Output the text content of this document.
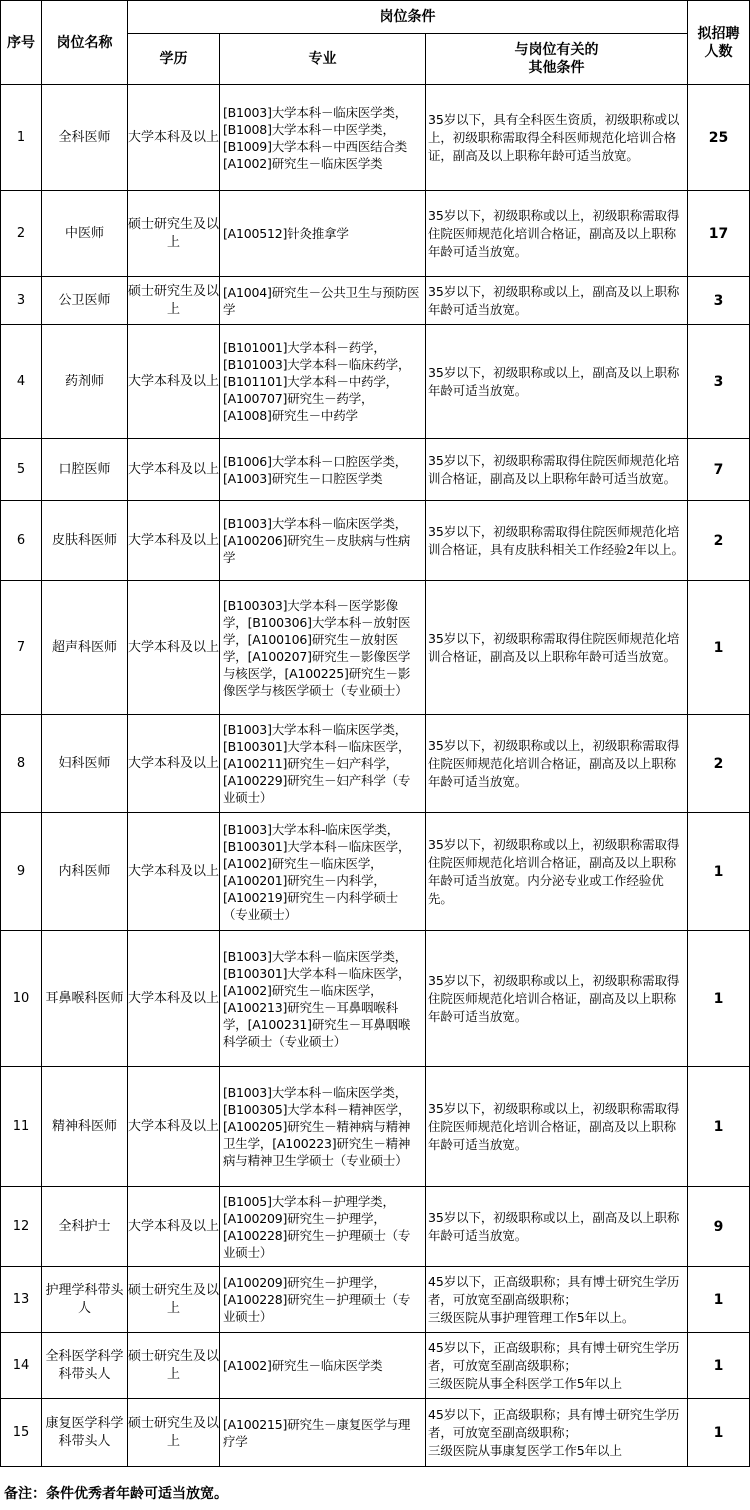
序号	岗位名称	岗位条件			拟招聘
人数

		学历	专业	与岗位有关的
其他条件	

1	全科医师	大学本科及以上	[B1003]大学本科－临床医学类，[B1008]大学本科－中医学类，[B1009]大学本科－中西医结合类
[A1002]研究生－临床医学类	35岁以下，具有全科医生资质，初级职称或以上，初级职称需取得全科医师规范化培训合格证，副高及以上职称年龄可适当放宽。	25
2	中医师	硕士研究生及以上	[A100512]针灸推拿学	35岁以下，初级职称或以上，初级职称需取得住院医师规范化培训合格证，副高及以上职称年龄可适当放宽。	17
3	公卫医师	硕士研究生及以上	[A1004]研究生－公共卫生与预防医学	35岁以下，初级职称或以上，副高及以上职称年龄可适当放宽。	3
4	药剂师	大学本科及以上	[B101001]大学本科－药学，[B101003]大学本科－临床药学，[B101101]大学本科－中药学，[A100707]研究生－药学，[A1008]研究生－中药学	35岁以下，初级职称或以上，副高及以上职称年龄可适当放宽。	3
5	口腔医师	大学本科及以上	[B1006]大学本科－口腔医学类，[A1003]研究生－口腔医学类	35岁以下，初级职称需取得住院医师规范化培训合格证，副高及以上职称年龄可适当放宽。	7
6	皮肤科医师	大学本科及以上	[B1003]大学本科－临床医学类，[A100206]研究生－皮肤病与性病学	35岁以下，初级职称需取得住院医师规范化培训合格证，具有皮肤科相关工作经验2年以上。	2
7	超声科医师	大学本科及以上	[B100303]大学本科－医学影像学，[B100306]大学本科－放射医学，[A100106]研究生－放射医学，[A100207]研究生－影像医学与核医学，[A100225]研究生－影像医学与核医学硕士（专业硕士）	35岁以下，初级职称需取得住院医师规范化培训合格证，副高及以上职称年龄可适当放宽。	1
8	妇科医师	大学本科及以上	[B1003]大学本科－临床医学类，[B100301]大学本科－临床医学，[A100211]研究生－妇产科学，[A100229]研究生－妇产科学（专业硕士）	35岁以下，初级职称或以上，初级职称需取得住院医师规范化培训合格证，副高及以上职称年龄可适当放宽。	2
9	内科医师	大学本科及以上	[B1003]大学本科-临床医学类，[B100301]大学本科－临床医学，[A1002]研究生－临床医学，[A100201]研究生－内科学，[A100219]研究生－内科学硕士（专业硕士）	35岁以下，初级职称或以上，初级职称需取得住院医师规范化培训合格证，副高及以上职称年龄可适当放宽。内分泌专业或工作经验优先。	1
10	耳鼻喉科医师	大学本科及以上	[B1003]大学本科－临床医学类，[B100301]大学本科－临床医学，[A1002]研究生－临床医学，[A100213]研究生－耳鼻咽喉科学，[A100231]研究生－耳鼻咽喉科学硕士（专业硕士）	35岁以下，初级职称或以上，初级职称需取得住院医师规范化培训合格证，副高及以上职称年龄可适当放宽。	1
11	精神科医师	大学本科及以上	[B1003]大学本科－临床医学类，[B100305]大学本科－精神医学，[A100205]研究生－精神病与精神卫生学，[A100223]研究生－精神病与精神卫生学硕士（专业硕士）	35岁以下，初级职称或以上，初级职称需取得住院医师规范化培训合格证，副高及以上职称年龄可适当放宽。	1
12	全科护士	大学本科及以上	[B1005]大学本科－护理学类，[A100209]研究生－护理学，[A100228]研究生－护理硕士（专业硕士）	35岁以下，初级职称或以上，副高及以上职称年龄可适当放宽。	9
13	护理学科带头人	硕士研究生及以上	[A100209]研究生－护理学，[A100228]研究生－护理硕士（专业硕士）	45岁以下，正高级职称；具有博士研究生学历者，可放宽至副高级职称；
三级医院从事护理管理工作5年以上。	1
14	全科医学科学科带头人	硕士研究生及以上	[A1002]研究生－临床医学类	45岁以下，正高级职称；具有博士研究生学历者，可放宽至副高级职称；
三级医院从事全科医学工作5年以上	1
15	康复医学科学科带头人	硕士研究生及以上	[A100215]研究生－康复医学与理疗学	45岁以下，正高级职称；具有博士研究生学历者，可放宽至副高级职称；
三级医院从事康复医学工作5年以上	1
备注：条件优秀者年龄可适当放宽。
